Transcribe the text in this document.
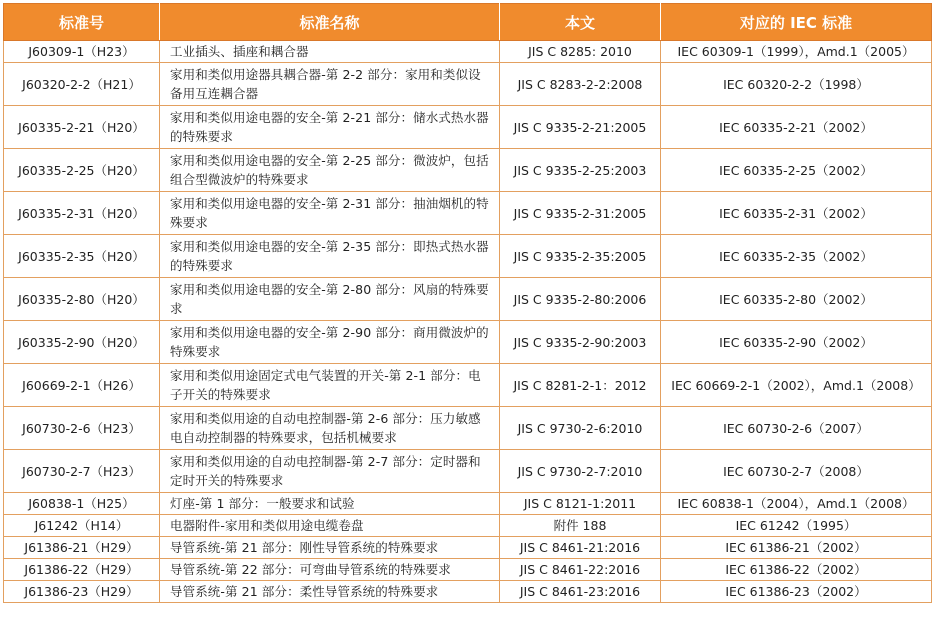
标准号	标准名称	本文	对应的 IEC 标准
J60309-1（H23）	工业插头、插座和耦合器	JIS C 8285: 2010	IEC 60309-1（1999），Amd.1（2005）
J60320-2-2（H21）	家用和类似用途器具耦合器-第 2-2 部分：家用和类似设备用互连耦合器	JIS C 8283-2-2:2008	IEC 60320-2-2（1998）
J60335-2-21（H20）	家用和类似用途电器的安全-第 2-21 部分：储水式热水器的特殊要求	JIS C 9335-2-21:2005	IEC 60335-2-21（2002）
J60335-2-25（H20）	家用和类似用途电器的安全-第 2-25 部分：微波炉，包括组合型微波炉的特殊要求	JIS C 9335-2-25:2003	IEC 60335-2-25（2002）
J60335-2-31（H20）	家用和类似用途电器的安全-第 2-31 部分：抽油烟机的特殊要求	JIS C 9335-2-31:2005	IEC 60335-2-31（2002）
J60335-2-35（H20）	家用和类似用途电器的安全-第 2-35 部分：即热式热水器的特殊要求	JIS C 9335-2-35:2005	IEC 60335-2-35（2002）
J60335-2-80（H20）	家用和类似用途电器的安全-第 2-80 部分：风扇的特殊要求	JIS C 9335-2-80:2006	IEC 60335-2-80（2002）
J60335-2-90（H20）	家用和类似用途电器的安全-第 2-90 部分：商用微波炉的特殊要求	JIS C 9335-2-90:2003	IEC 60335-2-90（2002）
J60669-2-1（H26）	家用和类似用途固定式电气装置的开关-第 2-1 部分：电子开关的特殊要求	JIS C 8281-2-1：2012	IEC 60669-2-1（2002），Amd.1（2008）
J60730-2-6（H23）	家用和类似用途的自动电控制器-第 2-6 部分：压力敏感电自动控制器的特殊要求，包括机械要求	JIS C 9730-2-6:2010	IEC 60730-2-6（2007）
J60730-2-7（H23）	家用和类似用途的自动电控制器-第 2-7 部分：定时器和定时开关的特殊要求	JIS C 9730-2-7:2010	IEC 60730-2-7（2008）
J60838-1（H25）	灯座-第 1 部分：一般要求和试验	JIS C 8121-1:2011	IEC 60838-1（2004），Amd.1（2008）
J61242（H14）	电器附件-家用和类似用途电缆卷盘	附件 188	IEC 61242（1995）
J61386-21（H29）	导管系统-第 21 部分：刚性导管系统的特殊要求	JIS C 8461-21:2016	IEC 61386-21（2002）
J61386-22（H29）	导管系统-第 22 部分：可弯曲导管系统的特殊要求	JIS C 8461-22:2016	IEC 61386-22（2002）
J61386-23（H29）	导管系统-第 21 部分：柔性导管系统的特殊要求	JIS C 8461-23:2016	IEC 61386-23（2002）
